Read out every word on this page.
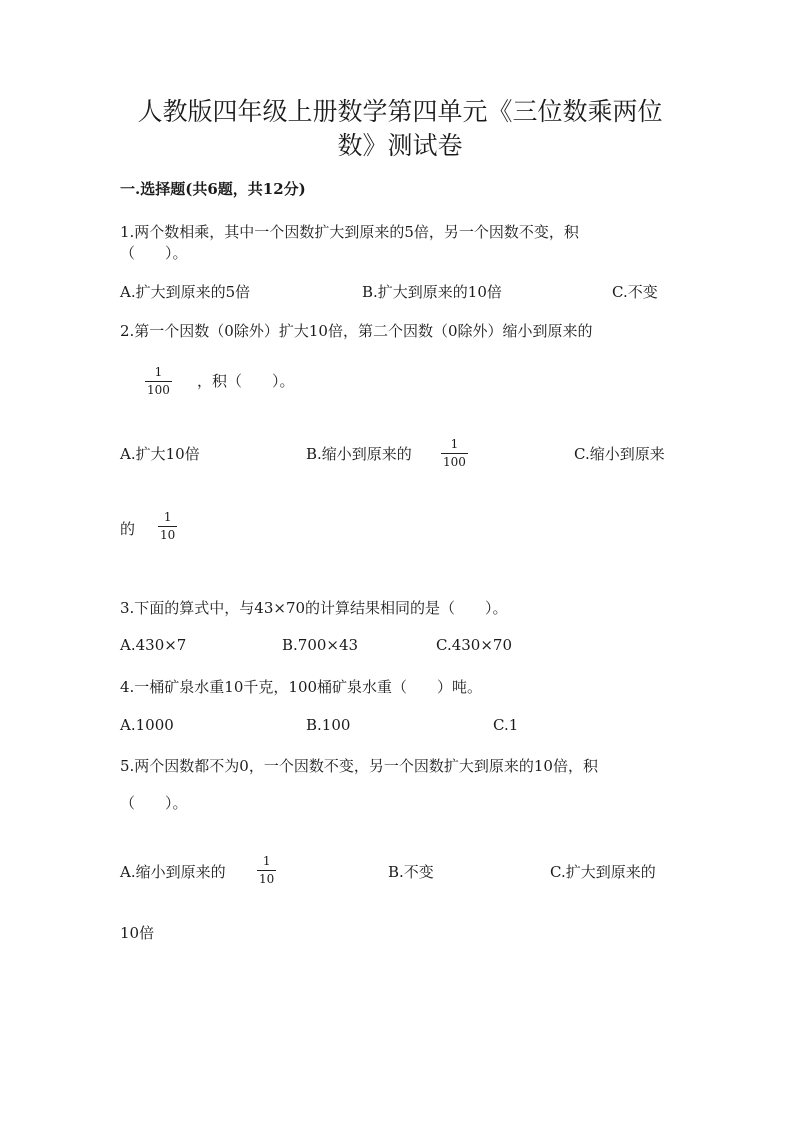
人教版四年级上册数学第四单元《三位数乘两位
数》测试卷
一.选择题(共6题，共12分)
1.两个数相乘，其中一个因数扩大到原来的5倍，另一个因数不变，积
（　　）。
A.扩大到原来的5倍	B.扩大到原来的10倍	C.不变
2.第一个因数（0除外）扩大10倍，第二个因数（0除外）缩小到原来的
1
100 ，积（　　）。
A.扩大10倍	B.缩小到原来的
1
100	C.缩小到原来
的
1
10
3.下面的算式中，与43×70的计算结果相同的是（　　）。
A.430×7	B.700×43	C.430×70
4.一桶矿泉水重10千克，100桶矿泉水重（　　）吨。
A.1000	B.100	C.1
5.两个因数都不为0，一个因数不变，另一个因数扩大到原来的10倍，积
（　　）。
A.缩小到原来的
1
10	B.不变	C.扩大到原来的
10倍
